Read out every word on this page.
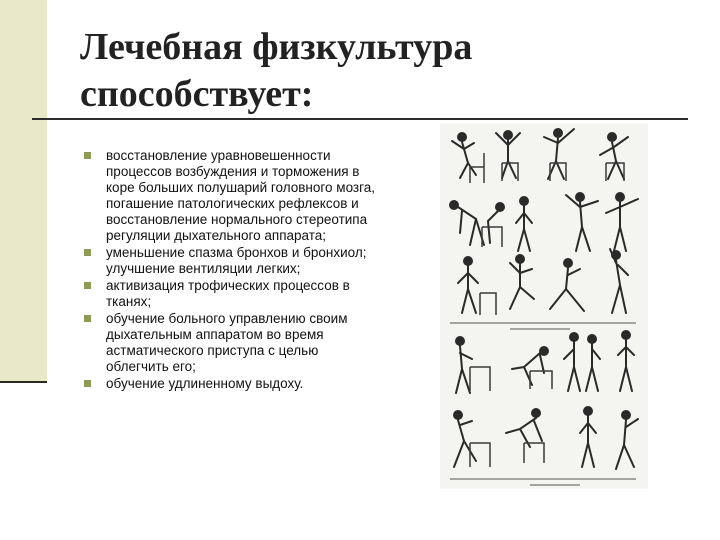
Лечебная физкультура
способствует:
восстановление уравновешенности процессов возбуждения и торможения в коре больших полушарий головного мозга, погашение патологических рефлексов и восстановление нормального стереотипа регуляции дыхательного аппарата;
уменьшение спазма бронхов и бронхиол; улучшение вентиляции легких;
активизация трофических процессов в тканях;
обучение больного управлению своим дыхательным аппаратом во время астматического приступа с целью облегчить его;
обучение удлиненному выдоху.
